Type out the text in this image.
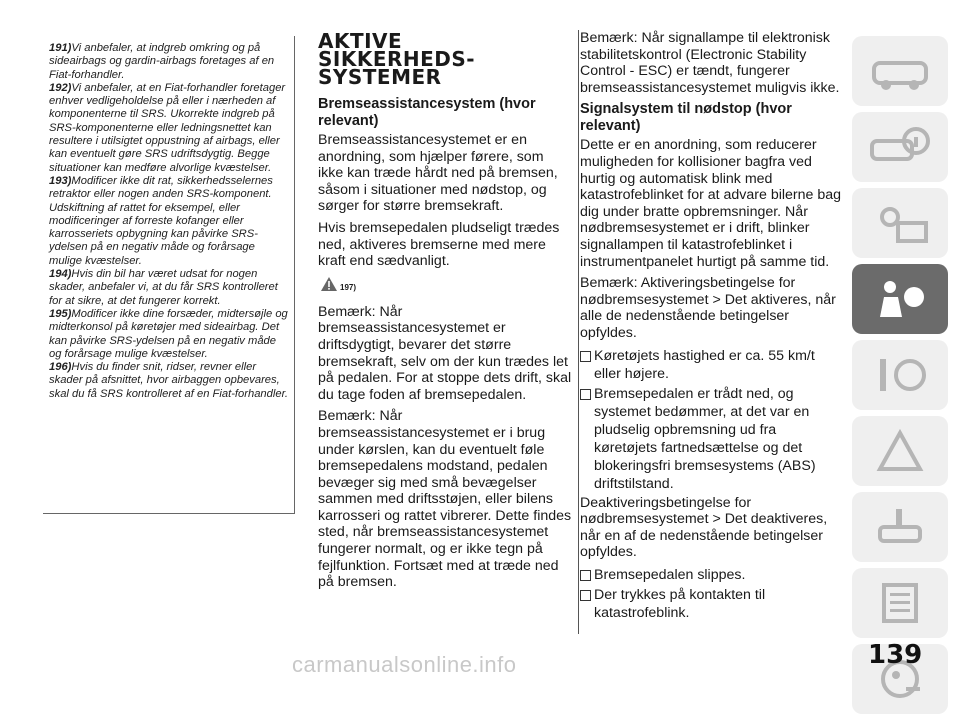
191)Vi anbefaler, at indgreb omkring og på sideairbags og gardin-airbags foretages af en Fiat-forhandler.
192)Vi anbefaler, at en Fiat-forhandler foretager enhver vedligeholdelse på eller i nærheden af komponenterne til SRS. Ukorrekte indgreb på SRS-komponenterne eller ledningsnettet kan resultere i utilsigtet oppustning af airbags, eller kan eventuelt gøre SRS udriftsdygtig. Begge situationer kan medføre alvorlige kvæstelser.
193)Modificer ikke dit rat, sikkerhedsselernes retraktor eller nogen anden SRS-komponent. Udskiftning af rattet for eksempel, eller modificeringer af forreste kofanger eller karrosseriets opbygning kan påvirke SRS-ydelsen på en negativ måde og forårsage mulige kvæstelser.
194)Hvis din bil har været udsat for nogen skader, anbefaler vi, at du får SRS kontrolleret for at sikre, at det fungerer korrekt.
195)Modificer ikke dine forsæder, midtersøjle og midterkonsol på køretøjer med sideairbag. Det kan påvirke SRS-ydelsen på en negativ måde og forårsage mulige kvæstelser.
196)Hvis du finder snit, ridser, revner eller skader på afsnittet, hvor airbaggen opbevares, skal du få SRS kontrolleret af en Fiat-forhandler.
AKTIVE
SIKKERHEDS-
SYSTEMER
Bremseassistancesystem (hvor relevant)
Bremseassistancesystemet er en anordning, som hjælper førere, som ikke kan træde hårdt ned på bremsen, såsom i situationer med nødstop, og sørger for større bremsekraft.
Hvis bremsepedalen pludseligt trædes ned, aktiveres bremserne med mere kraft end sædvanligt.
197)
Bemærk: Når bremseassistancesystemet er driftsdygtigt, bevarer det større bremsekraft, selv om der kun trædes let på pedalen. For at stoppe dets drift, skal du tage foden af bremsepedalen.
Bemærk: Når bremseassistancesystemet er i brug under kørslen, kan du eventuelt føle bremsepedalens modstand, pedalen bevæger sig med små bevægelser sammen med driftsstøjen, eller bilens karrosseri og rattet vibrerer. Dette findes sted, når bremseassistancesystemet fungerer normalt, og er ikke tegn på fejlfunktion. Fortsæt med at træde ned på bremsen.
Bemærk: Når signallampe til elektronisk stabilitetskontrol (Electronic Stability Control - ESC) er tændt, fungerer bremseassistancesystemet muligvis ikke.
Signalsystem til nødstop (hvor relevant)
Dette er en anordning, som reducerer muligheden for kollisioner bagfra ved hurtig og automatisk blink med katastrofeblinket for at advare bilerne bag dig under bratte opbremsninger. Når nødbremsesystemet er i drift, blinker signallampen til katastrofeblinket i instrumentpanelet hurtigt på samme tid.
Bemærk: Aktiveringsbetingelse for nødbremsesystemet > Det aktiveres, når alle de nedenstående betingelser opfyldes.
Køretøjets hastighed er ca. 55 km/t eller højere.
Bremsepedalen er trådt ned, og systemet bedømmer, at det var en pludselig opbremsning ud fra køretøjets fartnedsættelse og det blokeringsfri bremsesystems (ABS) driftstilstand.
Deaktiveringsbetingelse for nødbremsesystemet > Det deaktiveres, når en af de nedenstående betingelser opfyldes.
Bremsepedalen slippes.
Der trykkes på kontakten til katastrofeblink.
139
carmanualsonline.info
